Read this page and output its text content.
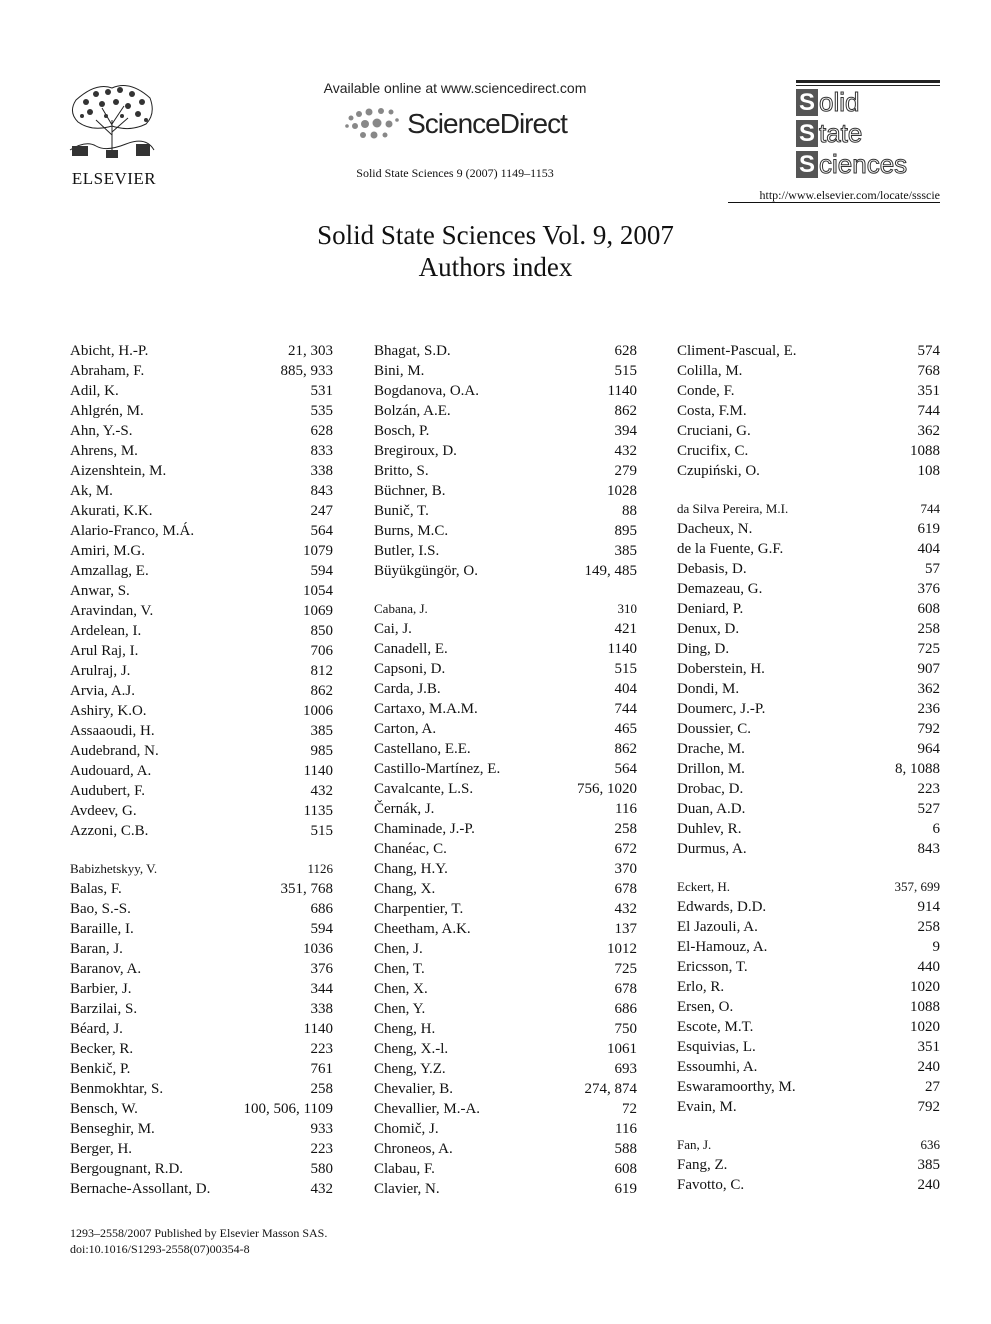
ELSEVIER
Available online at www.sciencedirect.com
ScienceDirect
Solid State Sciences 9 (2007) 1149–1153
S olid
S tate
S ciences
http://www.elsevier.com/locate/ssscie
Solid State Sciences Vol. 9, 2007
Authors index
Abicht, H.-P.	21, 303
Abraham, F.	885, 933
Adil, K.	531
Ahlgrén, M.	535
Ahn, Y.-S.	628
Ahrens, M.	833
Aizenshtein, M.	338
Ak, M.	843
Akurati, K.K.	247
Alario-Franco, M.Á.	564
Amiri, M.G.	1079
Amzallag, E.	594
Anwar, S.	1054
Aravindan, V.	1069
Ardelean, I.	850
Arul Raj, I.	706
Arulraj, J.	812
Arvia, A.J.	862
Ashiry, K.O.	1006
Assaaoudi, H.	385
Audebrand, N.	985
Audouard, A.	1140
Audubert, F.	432
Avdeev, G.	1135
Azzoni, C.B.	515
Babizhetskyy, V.	1126
Balas, F.	351, 768
Bao, S.-S.	686
Baraille, I.	594
Baran, J.	1036
Baranov, A.	376
Barbier, J.	344
Barzilai, S.	338
Béard, J.	1140
Becker, R.	223
Benkič, P.	761
Benmokhtar, S.	258
Bensch, W.	100, 506, 1109
Benseghir, M.	933
Berger, H.	223
Bergougnant, R.D.	580
Bernache-Assollant, D.	432
Bhagat, S.D.	628
Bini, M.	515
Bogdanova, O.A.	1140
Bolzán, A.E.	862
Bosch, P.	394
Bregiroux, D.	432
Britto, S.	279
Büchner, B.	1028
Bunič, T.	88
Burns, M.C.	895
Butler, I.S.	385
Büyükgüngör, O.	149, 485
Cabana, J.	310
Cai, J.	421
Canadell, E.	1140
Capsoni, D.	515
Carda, J.B.	404
Cartaxo, M.A.M.	744
Carton, A.	465
Castellano, E.E.	862
Castillo-Martínez, E.	564
Cavalcante, L.S.	756, 1020
Černák, J.	116
Chaminade, J.-P.	258
Chanéac, C.	672
Chang, H.Y.	370
Chang, X.	678
Charpentier, T.	432
Cheetham, A.K.	137
Chen, J.	1012
Chen, T.	725
Chen, X.	678
Chen, Y.	686
Cheng, H.	750
Cheng, X.-l.	1061
Cheng, Y.Z.	693
Chevalier, B.	274, 874
Chevallier, M.-A.	72
Chomič, J.	116
Chroneos, A.	588
Clabau, F.	608
Clavier, N.	619
Climent-Pascual, E.	574
Colilla, M.	768
Conde, F.	351
Costa, F.M.	744
Cruciani, G.	362
Crucifix, C.	1088
Czupiński, O.	108
da Silva Pereira, M.I.	744
Dacheux, N.	619
de la Fuente, G.F.	404
Debasis, D.	57
Demazeau, G.	376
Deniard, P.	608
Denux, D.	258
Ding, D.	725
Doberstein, H.	907
Dondi, M.	362
Doumerc, J.-P.	236
Doussier, C.	792
Drache, M.	964
Drillon, M.	8, 1088
Drobac, D.	223
Duan, A.D.	527
Duhlev, R.	6
Durmus, A.	843
Eckert, H.	357, 699
Edwards, D.D.	914
El Jazouli, A.	258
El-Hamouz, A.	9
Ericsson, T.	440
Erlo, R.	1020
Ersen, O.	1088
Escote, M.T.	1020
Esquivias, L.	351
Essoumhi, A.	240
Eswaramoorthy, M.	27
Evain, M.	792
Fan, J.	636
Fang, Z.	385
Favotto, C.	240
1293–2558/2007 Published by Elsevier Masson SAS.
doi:10.1016/S1293-2558(07)00354-8
